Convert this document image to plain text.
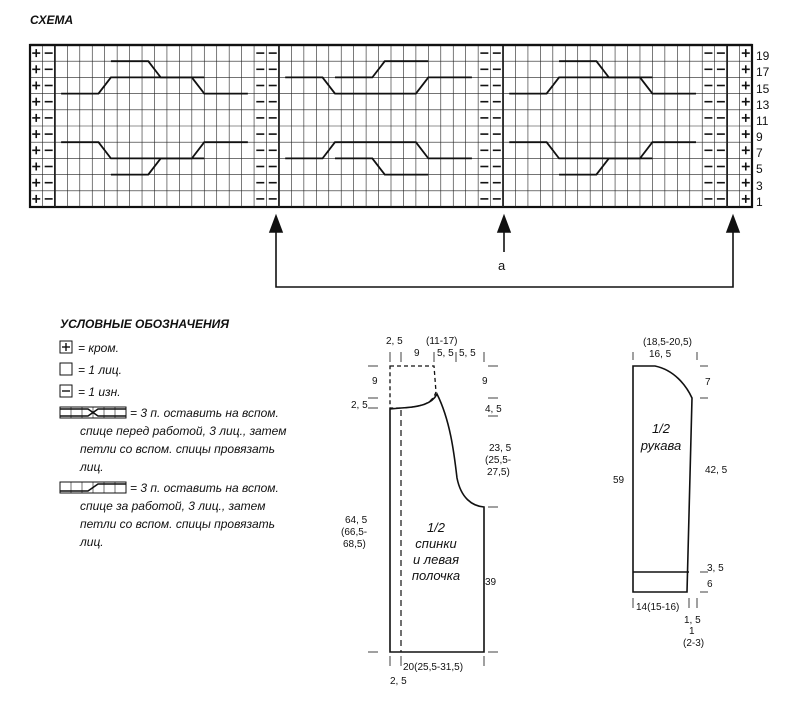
СХЕМА
19
17
15
13
11
9
7
5
3
1
а
УСЛОВНЫЕ ОБОЗНАЧЕНИЯ
= кром.
= 1 лиц.
= 1 изн.
= 3 п. оставить на вспом.
спице перед работой, 3 лиц., затем
петли со вспом. спицы провязать
лиц.
= 3 п. оставить на вспом.
спице за работой, 3 лиц., затем
петли со вспом. спицы провязать
лиц.
2, 5
9
(11-17)
5, 5 5, 5
9	9
2, 5	4, 5
23, 5
(25,5-
27,5)
64, 5
(66,5-
68,5)
39
20(25,5-31,5)
2, 5
1/2
спинки
и левая
полочка
(18,5-20,5)
16, 5
7
59
42, 5
3, 5
6
14(15-16)
1, 5
1
(2-3)
1/2
рукава
